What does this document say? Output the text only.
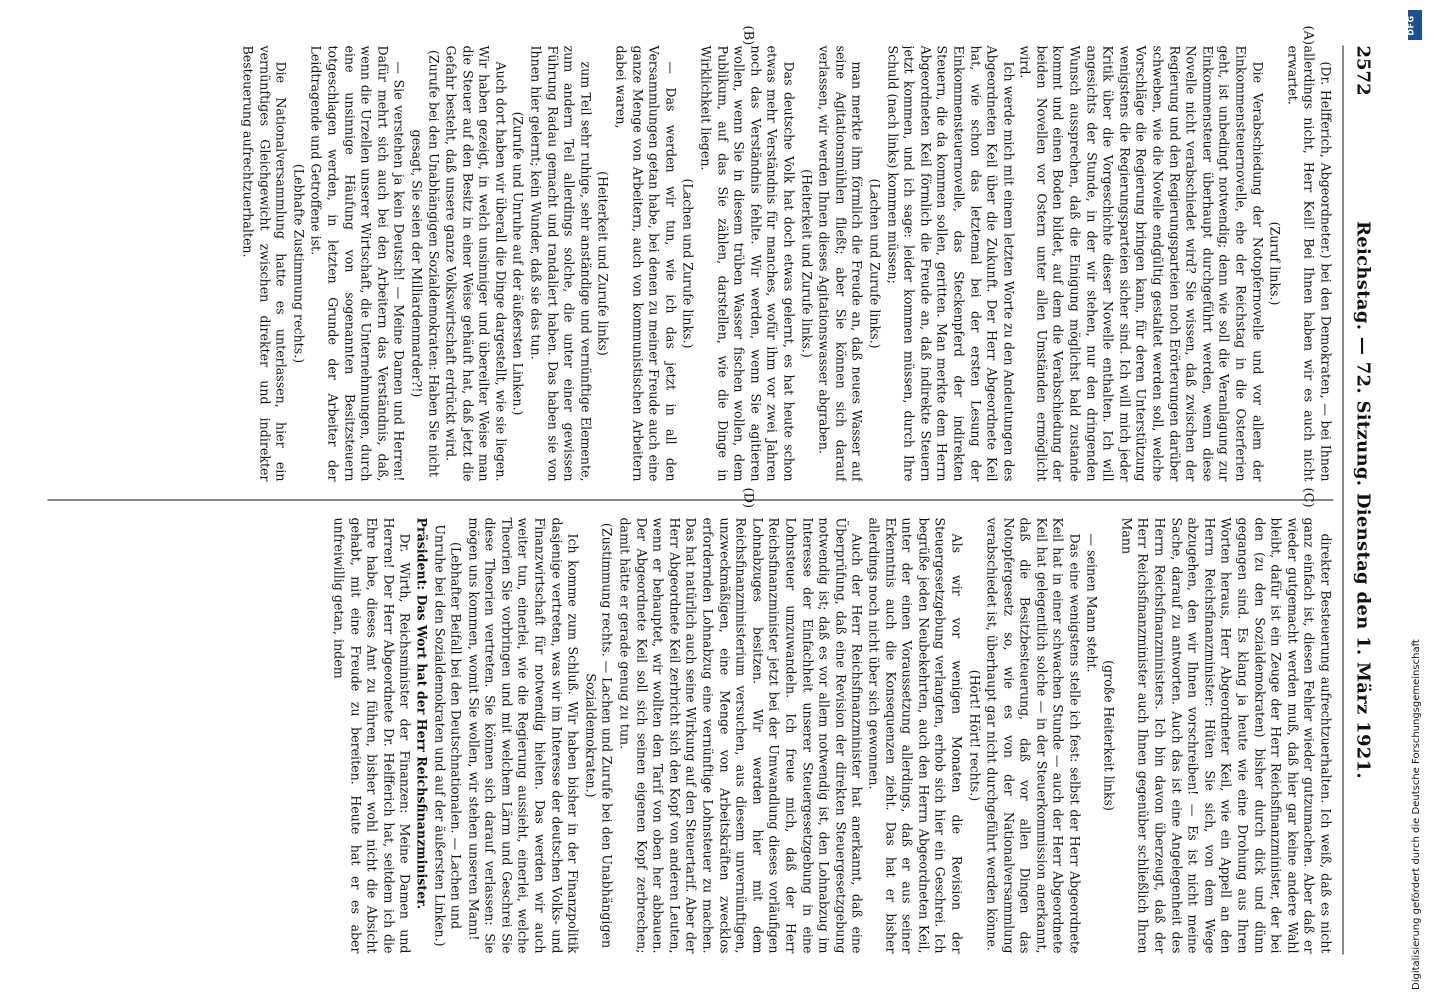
2572
Reichstag. — 72. Sitzung. Dienstag den 1. März 1921.
(A)
(B)
(C)
(D)

(Dr. Helfferich, Abgeordneter.) bei den Demokraten, — bei Ihnen allerdings nicht, Herr Keil! Bei Ihnen haben wir es auch nicht erwartet.

(Zuruf links.)

Die Verabschiedung der Notopfernovelle und vor allem der Einkommensteuernovelle, ehe der Reichstag in die Osterferien geht, ist unbedingt notwendig; denn wie soll die Veranlagung zur Einkommensteuer überhaupt durchgeführt werden, wenn diese Novelle nicht verabschiedet wird? Sie wissen, daß zwischen der Regierung und den Regierungsparteien noch Erörterungen darüber schweben, wie die Novelle endgültig gestaltet werden soll, welche Vorschläge die Regierung bringen kann, für deren Unterstützung wenigstens die Regierungsparteien sicher sind. Ich will mich jeder Kritik über die Vorgeschichte dieser Novelle enthalten. Ich will angesichts der Stunde, in der wir stehen, nur den dringenden Wunsch aussprechen, daß die Einigung möglichst bald zustande kommt und einen Boden bildet, auf dem die Verabschiedung der beiden Novellen vor Ostern unter allen Umständen ermöglicht wird.

Ich werde mich mit einem letzten Worte zu den Andeutungen des Abgeordneten Keil über die Zukunft. Der Herr Abgeordnete Keil hat, wie schon das letztemal bei der ersten Lesung der Einkommensteuernovelle, das Steckenpferd der indirekten Steuern, die da kommen sollen, geritten. Man merkte dem Herrn Abgeordneten Keil förmlich die Freude an, daß indirekte Steuern jetzt kommen, und ich sage: leider kommen müssen, durch Ihre Schuld (nach links) kommen müssen;

(Lachen und Zurufe links.)

man merkte ihm förmlich die Freude an, daß neues Wasser auf seine Agitationsmühlen fließt; aber Sie können sich darauf verlassen, wir werden Ihnen dieses Agitationswasser abgraben.

(Heiterkeit und Zurufe links.)

Das deutsche Volk hat doch etwas gelernt, es hat heute schon etwas mehr Verständnis für manches, wofür ihm vor zwei Jahren noch das Verständnis fehlte. Wir werden, wenn Sie agitieren wollen, wenn Sie in diesem trüben Wasser fischen wollen, dem Publikum, auf das Sie zählen, darstellen, wie die Dinge in Wirklichkeit liegen.

(Lachen und Zurufe links.)

— Das werden wir tun, wie ich das jetzt in all den Versammlungen getan habe, bei denen zu meiner Freude auch eine ganze Menge von Arbeitern, auch von kommunistischen Arbeitern dabei waren,

(Heiterkeit und Zurufe links)

zum Teil sehr ruhige, sehr anständige und vernünftige Elemente, zum andern Teil allerdings solche, die unter einer gewissen Führung Radau gemacht und randaliert haben. Das haben sie von Ihnen hier gelernt; kein Wunder, daß sie das tun.

(Zurufe und Unruhe auf der äußersten Linken.)

Auch dort haben wir überall die Dinge dargestellt, wie sie liegen. Wir haben gezeigt, in welch unsinniger und übereilter Weise man die Steuer auf den Besitz in einer Weise gehäuft hat, daß jetzt die Gefahr besteht, daß unsere ganze Volkswirtschaft erdrückt wird.

(Zurufe bei den Unabhängigen Sozialdemokraten: Haben Sie nicht gesagt, Sie seien der Milliardenmarder?!)

— Sie verstehen ja kein Deutsch! — Meine Damen und Herren! Dafür mehrt sich auch bei den Arbeitern das Verständnis, daß, wenn die Urzellen unserer Wirtschaft, die Unternehmungen, durch eine unsinnige Häufung von sogenannten Besitzsteuern totgeschlagen werden, in letzten Grunde der Arbeiter der Leidtragende und Getroffene ist.

(Lebhafte Zustimmung rechts.)

Die Nationalversammlung hatte es unterlassen, hier ein vernünftiges Gleichgewicht zwischen direkter und indirekter Besteuerung aufrechtzuerhalten.

direkter Besteuerung aufrechtzuerhalten. Ich weiß, daß es nicht ganz einfach ist, diesen Fehler wieder gutzumachen. Aber daß er wieder gutgemacht werden muß, daß hier gar keine andere Wahl bleibt, dafür ist ein Zeuge der Herr Reichsfinanzminister, der bei den (zu den Sozialdemokraten) bisher durch dick und dünn gegangen sind. Es klang ja heute wie eine Drohung aus Ihren Worten heraus, Herr Abgeordneter Keil, wie ein Appell an den Herrn Reichsfinanzminister: Hüten Sie sich, von dem Wege abzugehen, den wir Ihnen vorschreiben! — Es ist nicht meine Sache, darauf zu antworten. Auch das ist eine Angelegenheit des Herrn Reichsfinanzministers. Ich bin davon überzeugt, daß der Herr Reichsfinanzminister auch Ihnen gegenüber schließlich Ihren Mann

(große Heiterkeit links)

— seinen Mann steht.

Das eine wenigstens stelle ich fest: selbst der Herr Abgeordnete Keil hat in einer schwachen Stunde — auch der Herr Abgeordnete Keil hat gelegentlich solche — in der Steuerkommission anerkannt, daß die Besitzbesteuerung, daß vor allen Dingen das Notopfergesetz so, wie es von der Nationalversammlung verabschiedet ist, überhaupt gar nicht durchgeführt werden könne.

(Hört! Hört! rechts.)

Als wir vor wenigen Monaten die Revision der Steuergesetzgebung verlangten, erhob sich hier ein Geschrei. Ich begrüße jeden Neubekehrten, auch den Herrn Abgeordneten Keil, unter der einen Voraussetzung allerdings, daß er aus seiner Erkenntnis auch die Konsequenzen zieht. Das hat er bisher allerdings noch nicht über sich gewonnen.

Auch der Herr Reichsfinanzminister hat anerkannt, daß eine Überprüfung, daß eine Revision der direkten Steuergesetzgebung notwendig ist; daß es vor allem notwendig ist, den Lohnabzug im Interesse der Einfachheit unserer Steuergesetzgebung in eine Lohnsteuer umzuwandeln. Ich freue mich, daß der Herr Reichsfinanzminister jetzt bei der Umwandlung dieses vorläufigen Lohnabzuges besitzen. Wir werden hier mit dem Reichsfinanzministerium versuchen, aus diesem unvernünftigen, unzweckmäßigen, eine Menge von Arbeitskräften zwecklos erfordernden Lohnabzug eine vernünftige Lohnsteuer zu machen. Das hat natürlich auch seine Wirkung auf den Steuertarif. Aber der Herr Abgeordnete Keil zerbricht sich den Kopf von anderen Leuten, wenn er behauptet, wir wollten den Tarif von oben her abbauen. Der Abgeordnete Keil soll sich seinen eigenen Kopf zerbrechen; damit hätte er gerade genug zu tun.

(Zustimmung rechts. — Lachen und Zurufe bei den Unabhängigen Sozialdemokraten.)

Ich komme zum Schluß. Wir haben bisher in der Finanzpolitik dasjenige vertreten, was wir im Interesse der deutschen Volks- und Finanzwirtschaft für notwendig hielten. Das werden wir auch weiter tun, einerlei, wie die Regierung aussieht, einerlei, welche Theorien Sie vorbringen und mit welchem Lärm und Geschrei Sie diese Theorien vertreten. Sie können sich darauf verlassen: Sie mögen uns kommen, womit Sie wollen, wir stehen unseren Mann!

(Lebhafter Beifall bei den Deutschnationalen. — Lachen und Unruhe bei den Sozialdemokraten und auf der äußersten Linken.)

Präsident: Das Wort hat der Herr Reichsfinanzminister.

Dr. Wirth, Reichsminister der Finanzen: Meine Damen und Herren! Der Herr Abgeordnete Dr. Helfferich hat, seitdem ich die Ehre habe, dieses Amt zu führen, bisher wohl nicht die Absicht gehabt, mit eine Freude zu bereiten. Heute hat er es aber unfreiwillig getan, indem

Digitalisierung gefördert durch die Deutsche Forschungsgemeinschaft
DFG
